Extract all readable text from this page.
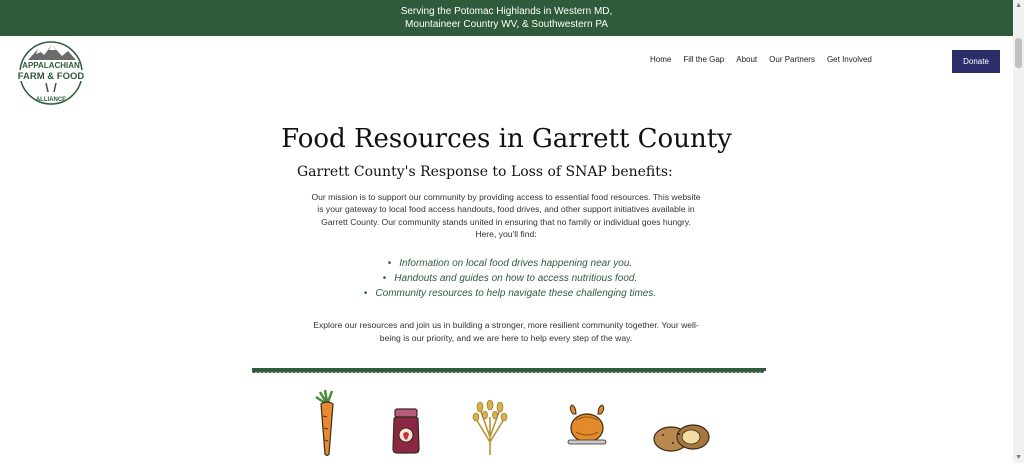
Serving the Potomac Highlands in Western MD,
Mountaineer Country WV, & Southwestern PA
▲
▼
APPALACHIAN
FARM & FOOD
ALLIANCE
Home Fill the Gap About Our Partners Get Involved	Donate
Food Resources in Garrett County
Garrett County's Response to Loss of SNAP benefits:

Our mission is to support our community by providing access to essential food resources. This website is your gateway to local food access handouts, food drives, and other support initiatives available in Garrett County. Our community stands united in ensuring that no family or individual goes hungry. Here, you'll find:

• Information on local food drives happening near you.
• Handouts and guides on how to access nutritious food.
• Community resources to help navigate these challenging times.

Explore our resources and join us in building a stronger, more resilient community together. Your well-being is our priority, and we are here to help every step of the way.
